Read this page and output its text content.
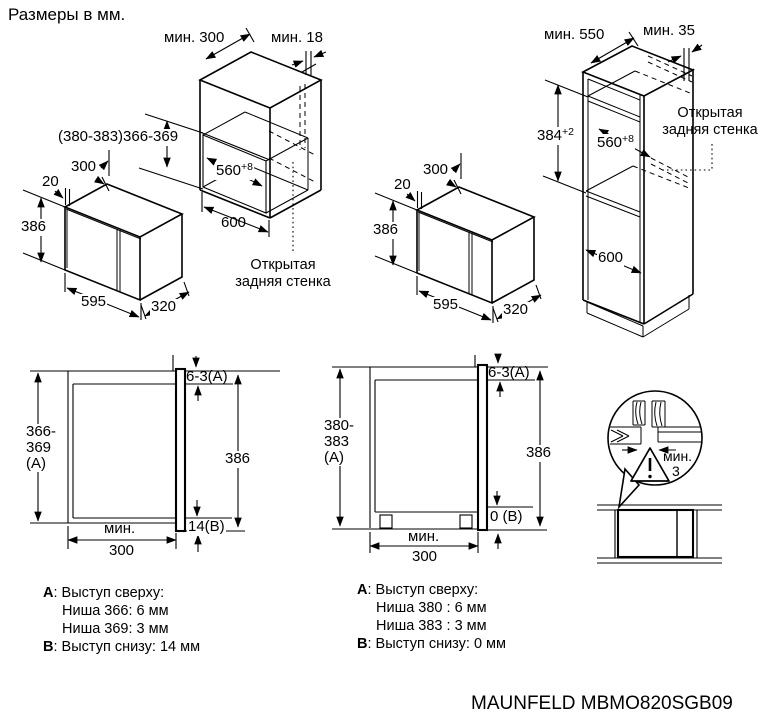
Размеры в мм.
мин. 300	мин. 18
(380-383)366-369
$560^{+8}$
600
Открытая
задняя стенка
300
20
386
595	320
300
20
386
595	320
мин. 550	мин. 35
$384^{+2}$
$560^{+8}$
600
Открытая
задняя стенка
366-
369
(A)
6-3(A)
386
14(B)
мин.
300
380-
383
(A)
6-3(A)
386
0 (B)
мин.
300
мин.
3
A: Выступ сверху:
Ниша 366: 6 мм
Ниша 369: 3 мм
B: Выступ снизу: 14 мм
A: Выступ сверху:
Ниша 380 : 6 мм
Ниша 383 : 3 мм
B: Выступ снизу: 0 мм
MAUNFELD MBMO820SGB09
